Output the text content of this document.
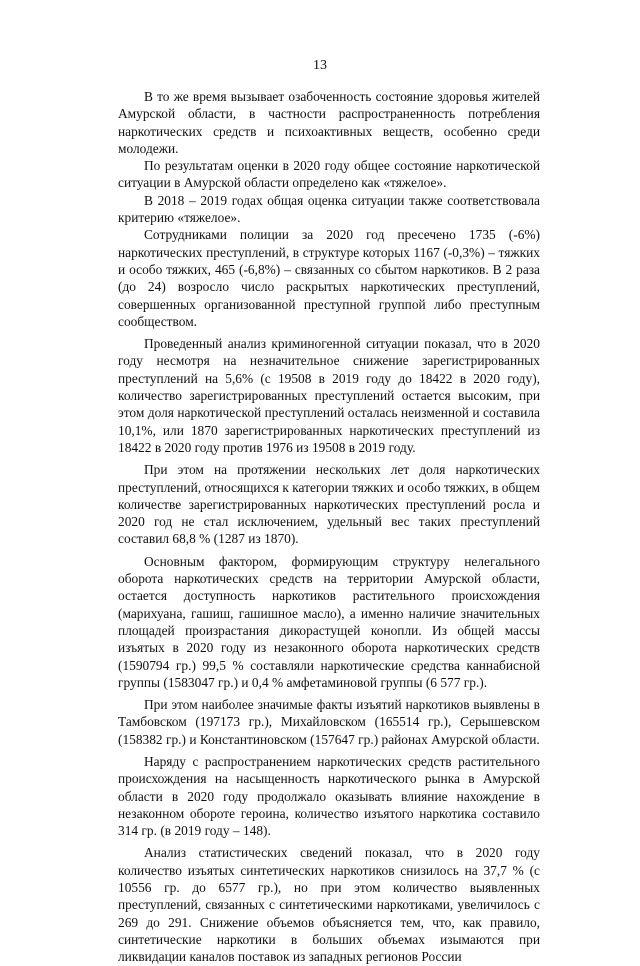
13

В то же время вызывает озабоченность состояние здоровья жителей Амурской области, в частности распространенность потребления наркотических средств и психоактивных веществ, особенно среди молодежи.

По результатам оценки в 2020 году общее состояние наркотической ситуации в Амурской области определено как «тяжелое».

В 2018 – 2019 годах общая оценка ситуации также соответствовала критерию «тяжелое».

Сотрудниками полиции за 2020 год пресечено 1735 (-6%) наркотических преступлений, в структуре которых 1167 (-0,3%) – тяжких и особо тяжких, 465 (-6,8%) – связанных со сбытом наркотиков. В 2 раза (до 24) возросло число раскрытых наркотических преступлений, совершенных организованной преступной группой либо преступным сообществом.

Проведенный анализ криминогенной ситуации показал, что в 2020 году несмотря на незначительное снижение зарегистрированных преступлений на 5,6% (с 19508 в 2019 году до 18422 в 2020 году), количество зарегистрированных преступлений остается высоким, при этом доля наркотической преступлений осталась неизменной и составила 10,1%, или 1870 зарегистрированных наркотических преступлений из 18422 в 2020 году против 1976 из 19508 в 2019 году.

При этом на протяжении нескольких лет доля наркотических преступлений, относящихся к категории тяжких и особо тяжких, в общем количестве зарегистрированных наркотических преступлений росла и 2020 год не стал исключением, удельный вес таких преступлений составил 68,8 % (1287 из 1870).

Основным фактором, формирующим структуру нелегального оборота наркотических средств на территории Амурской области, остается доступность наркотиков растительного происхождения (марихуана, гашиш, гашишное масло), а именно наличие значительных площадей произрастания дикорастущей конопли. Из общей массы изъятых в 2020 году из незаконного оборота наркотических средств (1590794 гр.) 99,5 % составляли наркотические средства каннабисной группы (1583047 гр.) и 0,4 % амфетаминовой группы (6 577 гр.).

При этом наиболее значимые факты изъятий наркотиков выявлены в Тамбовском (197173 гр.), Михайловском (165514 гр.), Серышевском (158382 гр.) и Константиновском (157647 гр.) районах Амурской области.

Наряду с распространением наркотических средств растительного происхождения на насыщенность наркотического рынка в Амурской области в 2020 году продолжало оказывать влияние нахождение в незаконном обороте героина, количество изъятого наркотика составило 314 гр. (в 2019 году – 148).

Анализ статистических сведений показал, что в 2020 году количество изъятых синтетических наркотиков снизилось на 37,7 % (с 10556 гр. до 6577 гр.), но при этом количество выявленных преступлений, связанных с синтетическими наркотиками, увеличилось с 269 до 291. Снижение объемов объясняется тем, что, как правило, синтетические наркотики в больших объемах изымаются при ликвидации каналов поставок из западных регионов России
